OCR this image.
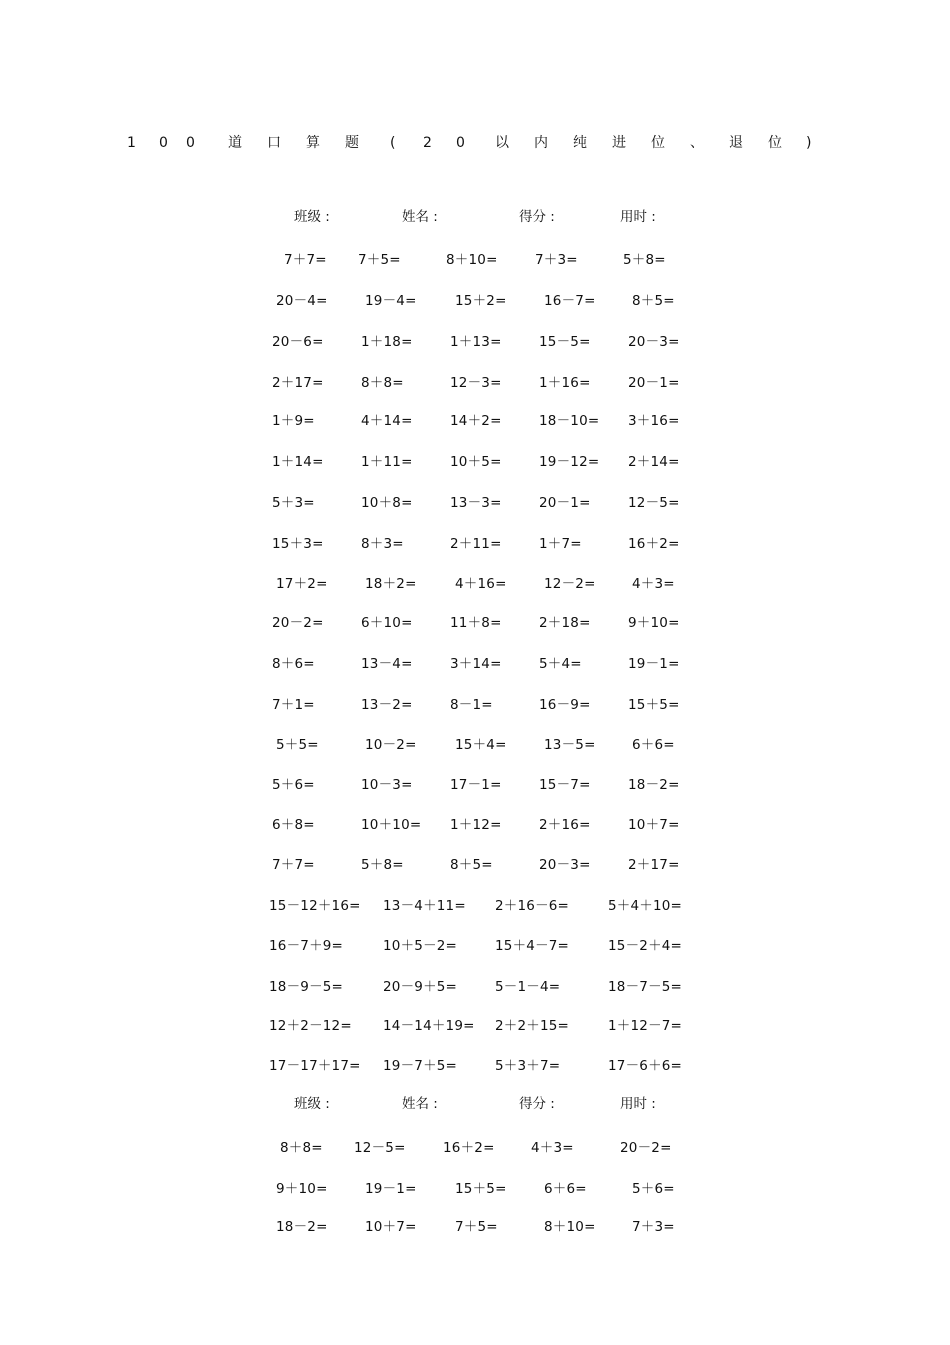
1 0 0 道 口 算 题 ( 2 0 以 内 纯 进 位 、 退 位 )
班级 :	姓名 :	得分 :	用时 :
7＋7= 7＋5=	8＋10=	7＋3=	5＋8=
20－4=	19－4=	15＋2=	16－7=	8＋5=
20－6=	1＋18=	1＋13=	15－5=	20－3=
2＋17=	8＋8=	12－3=	1＋16=	20－1=
1＋9=	4＋14=	14＋2=	18－10= 3＋16=
1＋14=	1＋11=	10＋5=	19－12= 2＋14=
5＋3=	10＋8=	13－3=	20－1=	12－5=
15＋3=	8＋3=	2＋11=	1＋7=	16＋2=
17＋2=	18＋2=	4＋16=	12－2=	4＋3=
20－2=	6＋10=	11＋8=	2＋18=	9＋10=
8＋6=	13－4=	3＋14=	5＋4=	19－1=
7＋1=	13－2=	8－1=	16－9=	15＋5=
5＋5=	10－2=	15＋4=	13－5=	6＋6=
5＋6=	10－3=	17－1=	15－7=	18－2=
6＋8=	10＋10= 1＋12=	2＋16=	10＋7=
7＋7=	5＋8=	8＋5=	20－3=	2＋17=
15－12＋16= 13－4＋11= 2＋16－6=	5＋4＋10=
16－7＋9=	10＋5－2=	15＋4－7=	15－2＋4=
18－9－5=	20－9＋5=	5－1－4=	18－7－5=
12＋2－12= 14－14＋19= 2＋2＋15=	1＋12－7=
17－17＋17= 19－7＋5=	5＋3＋7=	17－6＋6=
班级 :	姓名 :	得分 :	用时 :
8＋8= 12－5=	16＋2=	4＋3=	20－2=
9＋10=	19－1=	15＋5=	6＋6=	5＋6=
18－2=	10＋7=	7＋5=	8＋10=	7＋3=
